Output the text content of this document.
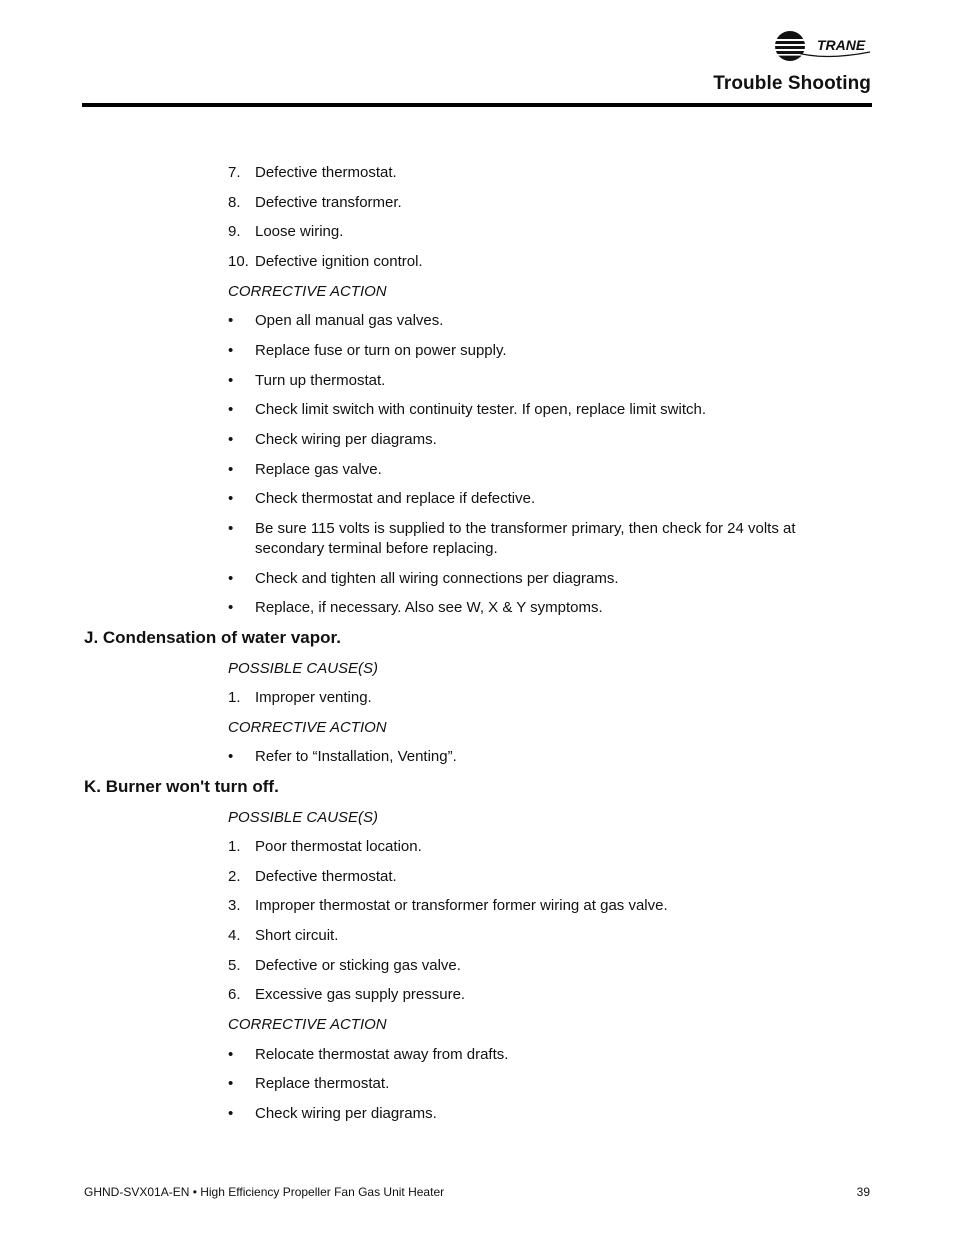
TRANE
Trouble Shooting
7. Defective thermostat.
8. Defective transformer.
9. Loose wiring.
10. Defective ignition control.
CORRECTIVE ACTION
• Open all manual gas valves.
• Replace fuse or turn on power supply.
• Turn up thermostat.
• Check limit switch with continuity tester. If open, replace limit switch.
• Check wiring per diagrams.
• Replace gas valve.
• Check thermostat and replace if defective.
• Be sure 115 volts is supplied to the transformer primary, then check for 24 volts at secondary terminal before replacing.
• Check and tighten all wiring connections per diagrams.
• Replace, if necessary. Also see W, X & Y symptoms.
J. Condensation of water vapor.
POSSIBLE CAUSE(S)
1. Improper venting.
CORRECTIVE ACTION
• Refer to “Installation, Venting”.
K. Burner won't turn off.
POSSIBLE CAUSE(S)
1. Poor thermostat location.
2. Defective thermostat.
3. Improper thermostat or transformer former wiring at gas valve.
4. Short circuit.
5. Defective or sticking gas valve.
6. Excessive gas supply pressure.
CORRECTIVE ACTION
• Relocate thermostat away from drafts.
• Replace thermostat.
• Check wiring per diagrams.
GHND-SVX01A-EN • High Efficiency Propeller Fan Gas Unit Heater	39
